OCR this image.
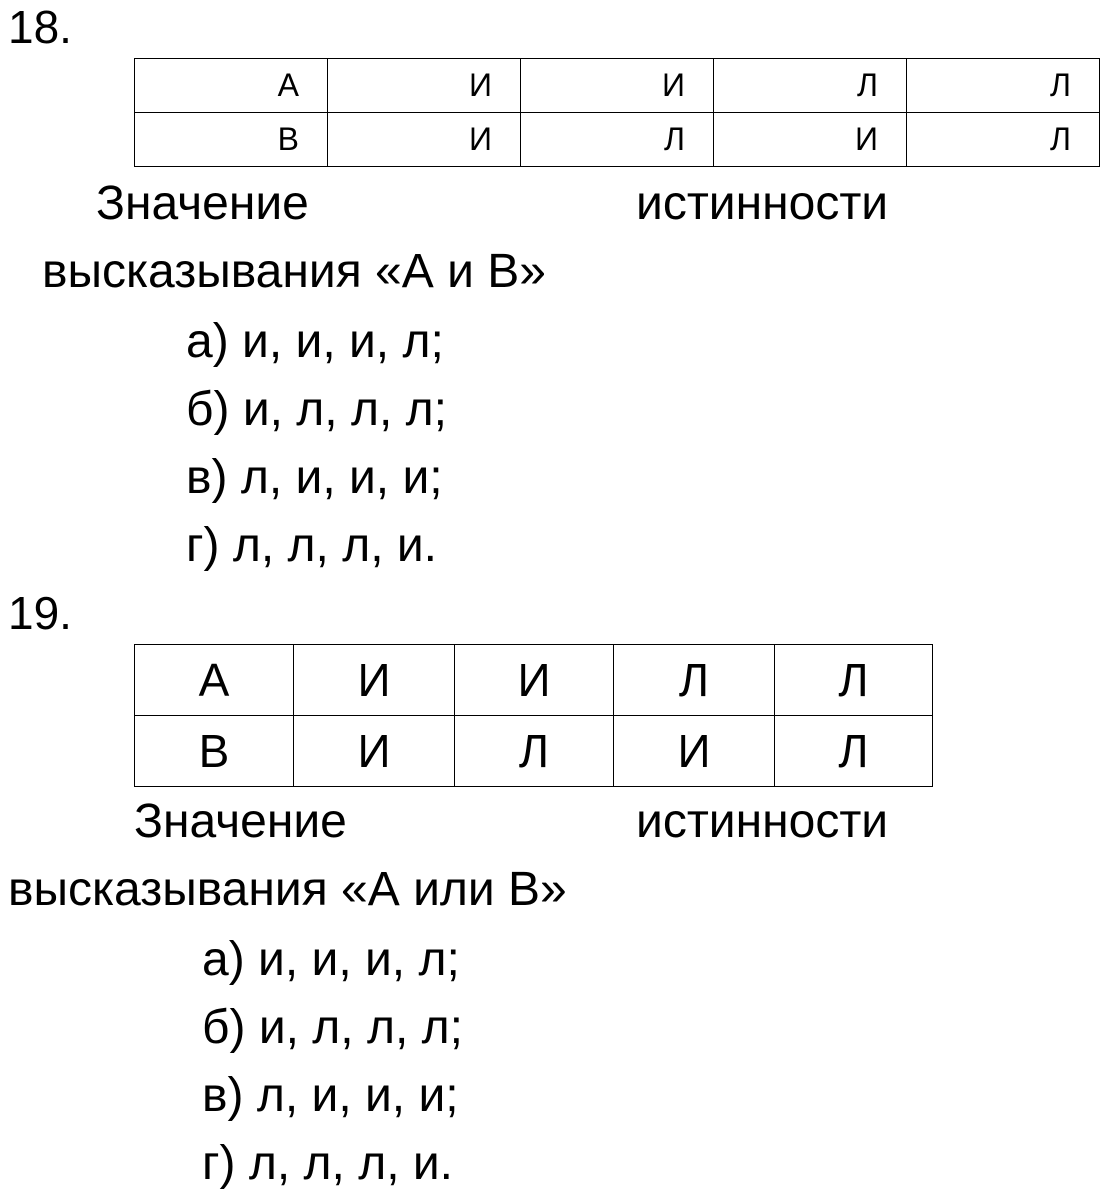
18.
А	И	И	Л	Л
В	И	Л	И	Л
Значение	истинности
высказывания «А и В»
а) и, и, и, л;
б) и, л, л, л;
в) л, и, и, и;
г) л, л, л, и.
19.
А	И	И	Л	Л
В	И	Л	И	Л
Значение	истинности
высказывания «А или В»
а) и, и, и, л;
б) и, л, л, л;
в) л, и, и, и;
г) л, л, л, и.
